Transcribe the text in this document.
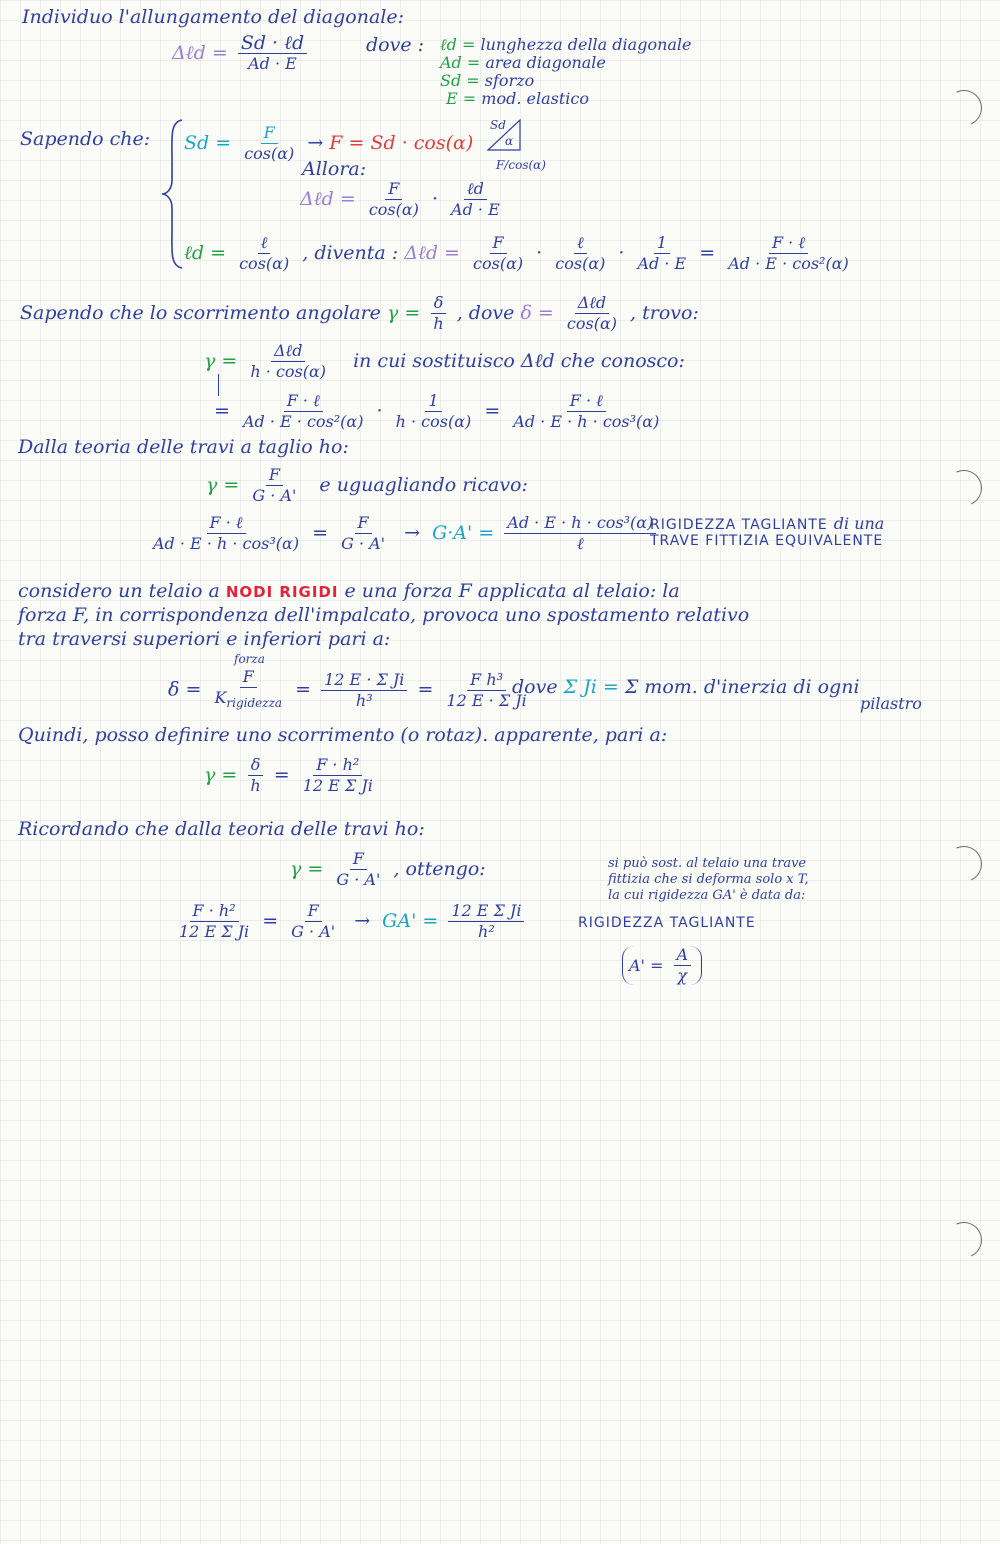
Individuo l'allungamento del diagonale:
Δℓd = $\frac{\text{Sd · ℓd}}{Ad \cdot E}$	dove : ℓd = lunghezza della diagonale
Ad = area diagonale
Sd = sforzo
E = mod. elastico
Sapendo che: $Sd = \frac{F}{\cos(\alpha)} \to F = Sd \cdot \cos(\alpha)$
Allora:
Δℓd = $\frac{F}{\cos(\alpha)} \cdot \frac{\text{ℓd}}{Ad \cdot E}$
Sd
α
F/cos(α)
ℓd = $\frac{\text{ℓ}}{\cos(\alpha)}$ , diventa : Δℓd = $\frac{F}{\cos(\alpha)} \cdot \frac{\text{ℓ}}{\cos(\alpha)} \cdot \frac{1}{Ad \cdot E} = \frac{\text{F · ℓ}}{\text{Ad · E · cos²(α)}}$
Sapendo che lo scorrimento angolare $\gamma = \frac{\delta}{h}$ , dove $\delta = \frac{\text{Δℓd}}{\cos(\alpha)}$ , trovo:
$\gamma = \frac{\text{Δℓd}}{h \cdot \cos(\alpha)}$ in cui sostituisco Δℓd che conosco:
= $\frac{\text{F · ℓ}}{\text{Ad · E · cos²(α)}} \cdot \frac{1}{h \cdot \cos(\alpha)} = \frac{\text{F · ℓ}}{\text{Ad · E · h · cos³(α)}}$
Dalla teoria delle travi a taglio ho:
$\gamma = \frac{F}{G \cdot A'}$ e uguagliando ricavo:
$\frac{\text{F · ℓ}}{\text{Ad · E · h · cos³(α)}} = \frac{F}{G \cdot A'} \to G\cdot A' = \frac{\text{Ad · E · h · cos³(α)}}{\text{ℓ}}$
RIGIDEZZA TAGLIANTE di una
TRAVE FITTIZIA EQUIVALENTE
considero un telaio a NODI RIGIDI e una forza F applicata al telaio: la
forza F, in corrispondenza dell'impalcato, provoca uno spostamento relativo
tra traversi superiori e inferiori pari a:
forza
$\delta = \frac{F}{K_{rigidezza}} = \frac{\text{12 E · Σ Ji}}{\text{h³}} = \frac{\text{F h³}}{\text{12 E · Σ Ji}}$
dove Σ Ji = Σ mom. d'inerzia di ogni
pilastro
Quindi, posso definire uno scorrimento (o rotaz). apparente, pari a:
$\gamma = \frac{\delta}{h} = \frac{\text{F · h²}}{\text{12 E Σ Ji}}$
Ricordando che dalla teoria delle travi ho:
$\gamma = \frac{F}{G \cdot A'}$ , ottengo:	si può sost. al telaio una trave
fittizia che si deforma solo x T,
la cui rigidezza GA' è data da:
$\frac{\text{F · h²}}{\text{12 E Σ Ji}} = \frac{F}{G \cdot A'} \to GA' = \frac{\text{12 E Σ Ji}}{\text{h²}}$	RIGIDEZZA TAGLIANTE
$A' = \frac{A}{\chi}$
